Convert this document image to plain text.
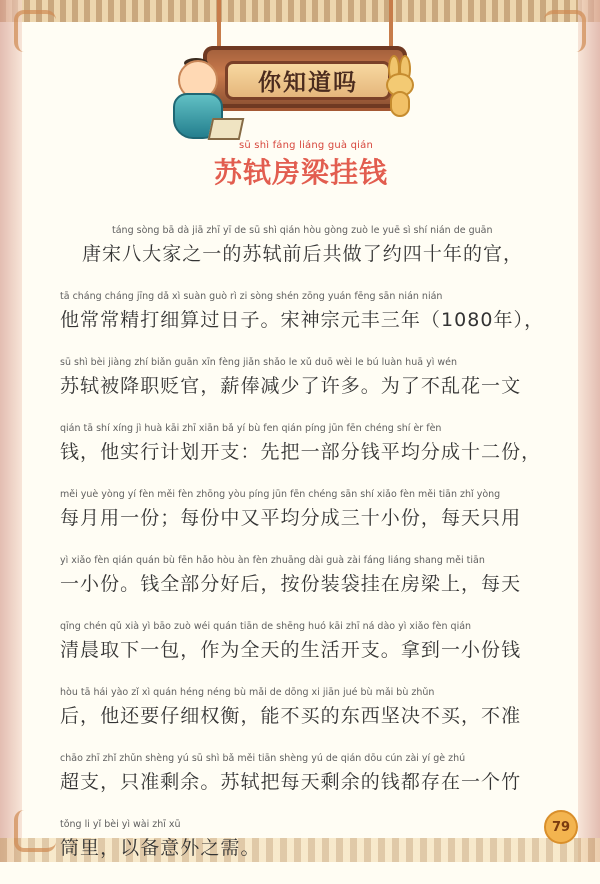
你知道吗
sū shì fáng liáng guà qián
苏轼房梁挂钱
táng sòng bā dà jiā zhī yī de sū shì qián hòu gòng zuò le yuē sì shí nián de guān
唐宋八大家之一的苏轼前后共做了约四十年的官，
tā cháng cháng jīng dǎ xì suàn guò rì zi sòng shén zōng yuán fēng sān nián nián
他常常精打细算过日子。宋神宗元丰三年（1080年），
sū shì bèi jiàng zhí biǎn guān xīn fèng jiǎn shǎo le xǔ duō wèi le bú luàn huā yì wén
苏轼被降职贬官，薪俸减少了许多。为了不乱花一文
qián tā shí xíng jì huà kāi zhī xiān bǎ yí bù fen qián píng jūn fēn chéng shí èr fèn
钱，他实行计划开支：先把一部分钱平均分成十二份，
měi yuè yòng yí fèn měi fèn zhōng yòu píng jūn fēn chéng sān shí xiǎo fèn měi tiān zhǐ yòng
每月用一份；每份中又平均分成三十小份，每天只用
yì xiǎo fèn qián quán bù fēn hǎo hòu àn fèn zhuāng dài guà zài fáng liáng shang měi tiān
一小份。钱全部分好后，按份装袋挂在房梁上，每天
qīng chén qǔ xià yì bāo zuò wéi quán tiān de shēng huó kāi zhī ná dào yì xiǎo fèn qián
清晨取下一包，作为全天的生活开支。拿到一小份钱
hòu tā hái yào zǐ xì quán héng néng bù mǎi de dōng xi jiān jué bù mǎi bù zhǔn
后，他还要仔细权衡，能不买的东西坚决不买，不准
chāo zhī zhǐ zhǔn shèng yú sū shì bǎ měi tiān shèng yú de qián dōu cún zài yí gè zhú
超支，只准剩余。苏轼把每天剩余的钱都存在一个竹
tǒng li yǐ bèi yì wài zhī xū
筒里，以备意外之需。
79
